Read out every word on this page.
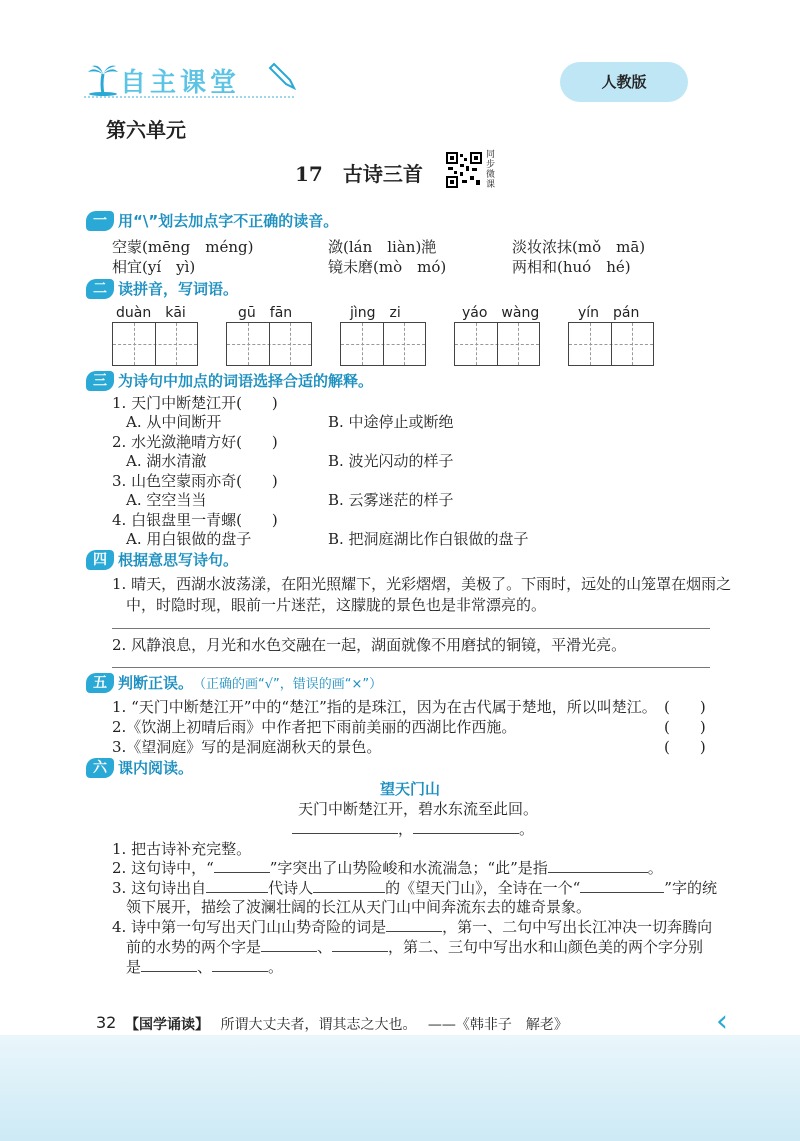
自主课堂	人教版
第六单元
17　古诗三首
同步微课
一 用“\”划去加点字不正确的读音。
空蒙(mēng　méng)	潋(lán　liàn)滟	淡妆浓抹(mǒ　mā)
相宜(yí　yì)	镜未磨(mò　mó)	两相和(huó　hé)
二 读拼音，写词语。
duàn　kāi	gū　fān	jìng　zi	yáo　wàng	yín　pán
三 为诗句中加点的词语选择合适的解释。
1. 天门中断楚江开(　　)
A. 从中间断开	B. 中途停止或断绝
2. 水光潋滟晴方好(　　)
A. 湖水清澈	B. 波光闪动的样子
3. 山色空蒙雨亦奇(　　)
A. 空空当当	B. 云雾迷茫的样子
4. 白银盘里一青螺(　　)
A. 用白银做的盘子	B. 把洞庭湖比作白银做的盘子
四 根据意思写诗句。
1. 晴天，西湖水波荡漾，在阳光照耀下，光彩熠熠，美极了。下雨时，远处的山笼罩在烟雨之
中，时隐时现，眼前一片迷茫，这朦胧的景色也是非常漂亮的。
2. 风静浪息，月光和水色交融在一起，湖面就像不用磨拭的铜镜，平滑光亮。
五 判断正误。 （正确的画“√”，错误的画“×”）
1. “天门中断楚江开”中的“楚江”指的是珠江，因为在古代属于楚地，所以叫楚江。 (　　)
2.《饮湖上初晴后雨》中作者把下雨前美丽的西湖比作西施。	(　　)
3.《望洞庭》写的是洞庭湖秋天的景色。	(　　)
六 课内阅读。
望天门山
天门中断楚江开，碧水东流至此回。
，	。
1. 把古诗补充完整。
2. 这句诗中，“	”字突出了山势险峻和水流湍急；“此”是指	。
3. 这句诗出自	代诗人	的《望天门山》，全诗在一个“	”字的统
领下展开，描绘了波澜壮阔的长江从天门山中间奔流东去的雄奇景象。
4. 诗中第一句写出天门山山势奇险的词是	，第一、二句中写出长江冲决一切奔腾向
前的水势的两个字是	、	，第二、三句中写出水和山颜色美的两个字分别
是	、	。
32 【国学诵读】　 所谓大丈夫者，谓其志之大也。　 ——《韩非子　解老》	‹
